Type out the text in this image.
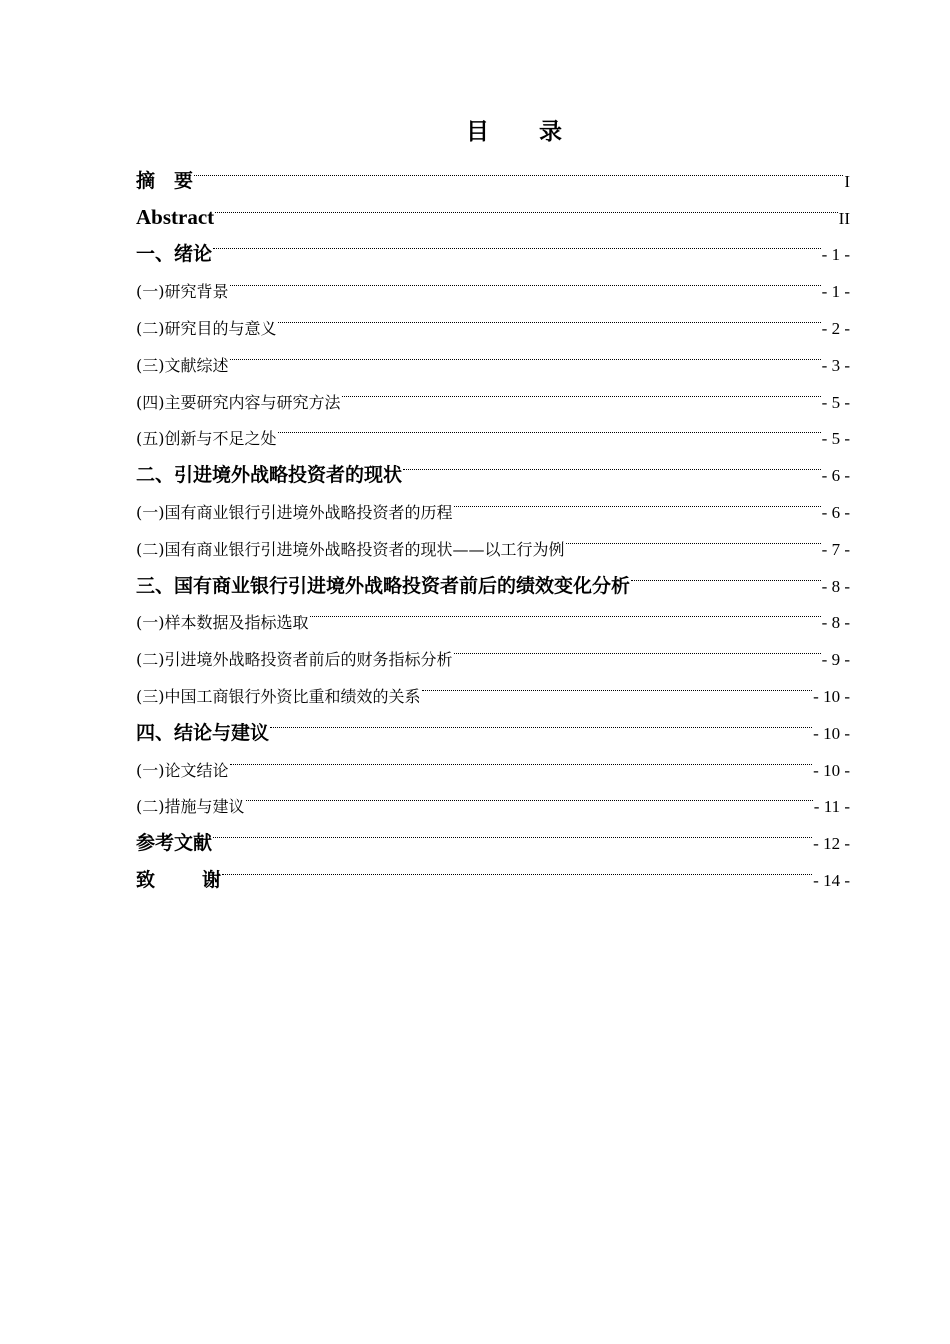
目 录
摘 要	I
Abstract	II
一、绪论	- 1 -
(一)研究背景	- 1 -
(二)研究目的与意义	- 2 -
(三)文献综述	- 3 -
(四)主要研究内容与研究方法	- 5 -
(五)创新与不足之处	- 5 -
二、引进境外战略投资者的现状	- 6 -
(一)国有商业银行引进境外战略投资者的历程	- 6 -
(二)国有商业银行引进境外战略投资者的现状——以工行为例	- 7 -
三、国有商业银行引进境外战略投资者前后的绩效变化分析	- 8 -
(一)样本数据及指标选取	- 8 -
(二)引进境外战略投资者前后的财务指标分析	- 9 -
(三)中国工商银行外资比重和绩效的关系	- 10 -
四、结论与建议	- 10 -
(一)论文结论	- 10 -
(二)措施与建议	- 11 -
参考文献	- 12 -
致 谢	- 14 -
